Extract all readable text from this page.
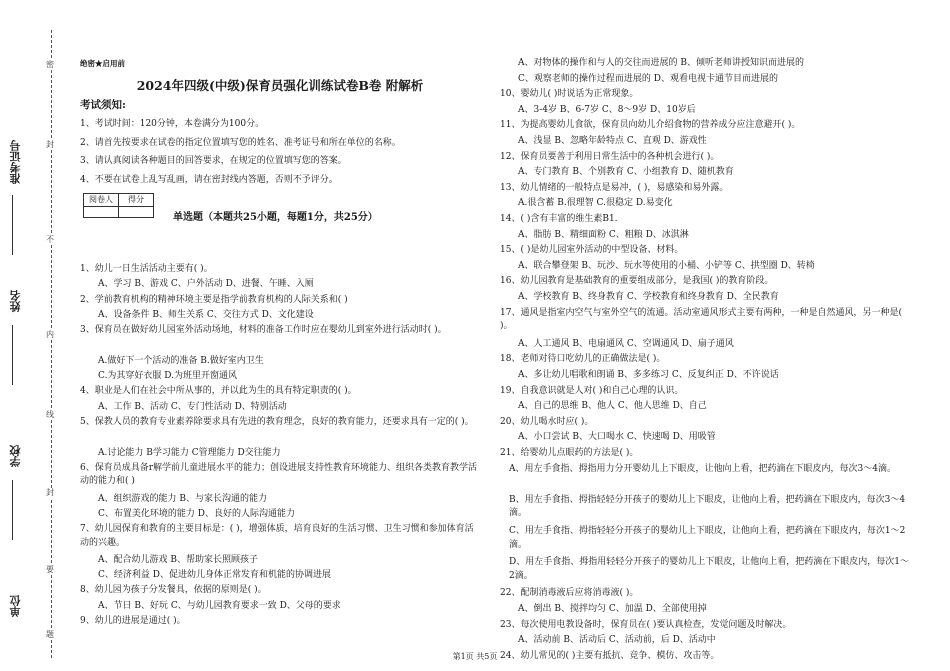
密
封
不
内
线
封
要
题
准考证号
姓名
学校
单位
绝密★启用前
2024年四级(中级)保育员强化训练试卷B卷 附解析
考试须知:
1、考试时间：120分钟，本卷满分为100分。
2、请首先按要求在试卷的指定位置填写您的姓名、准考证号和所在单位的名称。
3、请认真阅读各种题目的回答要求，在规定的位置填写您的答案。
4、不要在试卷上乱写乱画，请在密封线内答题，否则不予评分。
阅卷人	得分

单选题（本题共25小题，每题1分，共25分）
1、幼儿一日生活活动主要有( )。
A、学习 B、游戏 C、户外活动 D、进餐、午睡、入厕
2、学前教育机构的精神环境主要是指学前教育机构的人际关系和( )
A、设备条件 B、师生关系 C、交往方式 D、文化建设
3、保育员在做好幼儿园室外活动场地，材料的准备工作时应在婴幼儿到室外进行活动时( )。
A.做好下一个活动的准备 B.做好室内卫生
C.为其穿好衣服 D.为班里开窗通风
4、职业是人们在社会中所从事的，并以此为生的具有特定职责的( )。
A、工作 B、活动 C、专门性活动 D、特别活动
5、保教人员的教育专业素养除要求具有先进的教育理念，良好的教育能力，还要求具有一定的( )。
A.讨论能力 B学习能力 C管理能力 D交往能力
6、保育员成具备r解学前儿童进展水平的能力；创设进展支持性教育环境能力、组织各类教育教学活动的能力和( )
A、组织游戏的能力 B、与家长沟通的能力
C、布置美化环境的能力 D、良好的人际沟通能力
7、幼儿园保育和教育的主要目标是：( )，增强体质，培育良好的生活习惯、卫生习惯和参加体育活动的兴趣。
A、配合幼儿游戏 B、帮助家长照顾孩子
C、经济利益 D、促进幼儿身体正常发育和机能的协调进展
8、幼儿园为孩子分发餐具，依据的原则是( )。
A、节日 B、好玩 C、与幼儿园教育要求一致 D、父母的要求
9、幼儿的进展是通过( )。
A、对物体的操作和与人的交往而进展的 B、倾听老师讲授知识而进展的
C、观察老师的操作过程而进展的 D、观看电视卡通节目而进展的
10、婴幼儿( )时说话为正常现象。
A、3-4岁 B、6-7岁 C、8～9岁 D、10岁后
11、为提高婴幼儿食欲，保育员向幼儿介绍食物的营养成分应注意避开( )。
A、浅显 B、忽略年龄特点 C、直观 D、游戏性
12、保育员要善于利用日常生活中的各种机会进行( )。
A、专门教育 B、个别教育 C、小组教育 D、随机教育
13、幼儿情绪的一般特点是易冲，( )，易感染和易外露。
A.很含蓄 B.很理智 C.很稳定 D.易变化
14、( )含有丰富的维生素B1.
A、脂肪 B、精细面粉 C、粗粮 D、冰淇淋
15、( )是幼儿园室外活动的中型设备、材料。
A、联合攀登架 B、玩沙、玩水等使用的小桶、小铲等 C、拱型圈 D、转椅
16、幼儿园教育是基础教育的重要组成部分，是我国( )的教育阶段。
A、学校教育 B、终身教育 C、学校教育和终身教育 D、全民教育
17、通风是指室内空气与室外空气的流通。活动室通风形式主要有两种，一种是自然通风，另一种是( )。
A、人工通风 B、电扇通风 C、空调通风 D、扇子通风
18、老师对待口吃幼儿的正确做法是( )。
A、多让幼儿唱歌和朗诵 B、多多练习 C、反复纠正 D、不许说话
19、自我意识就是人对( )和自己心理的认识。
A、自己的思维 B、他人 C、他人思维 D、自己
20、幼儿喝水时应( )。
A、小口尝试 B、大口喝水 C、快速喝 D、用吸管
21、给婴幼儿点眼药的方法是( )。
A、用左手食指、拇指用力分开婴幼儿上下眼皮，让他向上看，把药滴在下眼皮内，每次3～4滴。
B、用左手食指、拇指轻轻分开孩子的婴幼儿上下眼皮，让他向上看，把药滴在下眼皮内，每次3～4滴。
C、用左手食指、拇指轻轻分开孩子的婴幼儿上下眼皮，让他向上看，把药滴在下眼皮内，每次1～2滴。
D、用左手食指、拇指用轻轻分开孩子的婴幼儿上下眼皮，让他向上看，把药滴在下眼皮内，每次1～2滴。
22、配制消毒液后应将消毒液( )。
A、倒出 B、搅拌均匀 C、加温 D、全部使用掉
23、每次使用电教设备时，保育员在( )要认真检查，发觉问题及时解决。
A、活动前 B、活动后 C、活动前，后 D、活动中
24、幼儿常见的( )主要有抵抗、竞争、模仿、攻击等。
第1页 共5页
